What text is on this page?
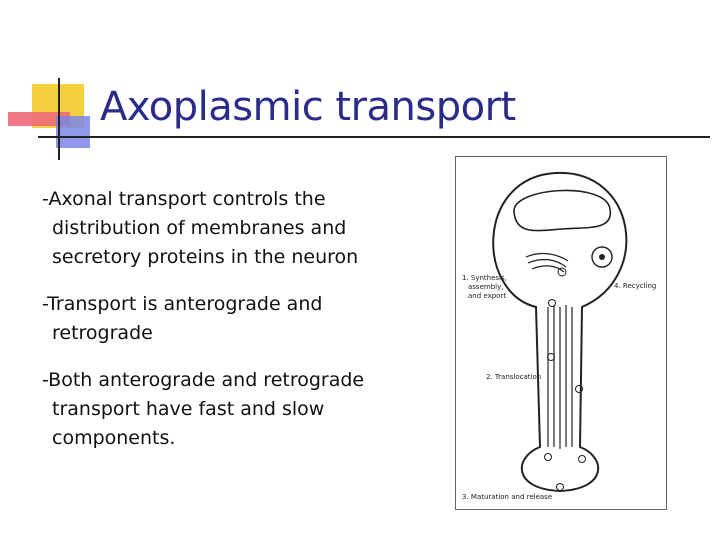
Axoplasmic transport
-Axonal transport controls the distribution of membranes and secretory proteins in the neuron
-Transport is anterograde and retrograde
-Both anterograde and retrograde transport have fast and slow components.
1. Synthesis,
assembly,
and export
4. Recycling
2. Translocation
3. Maturation and release
